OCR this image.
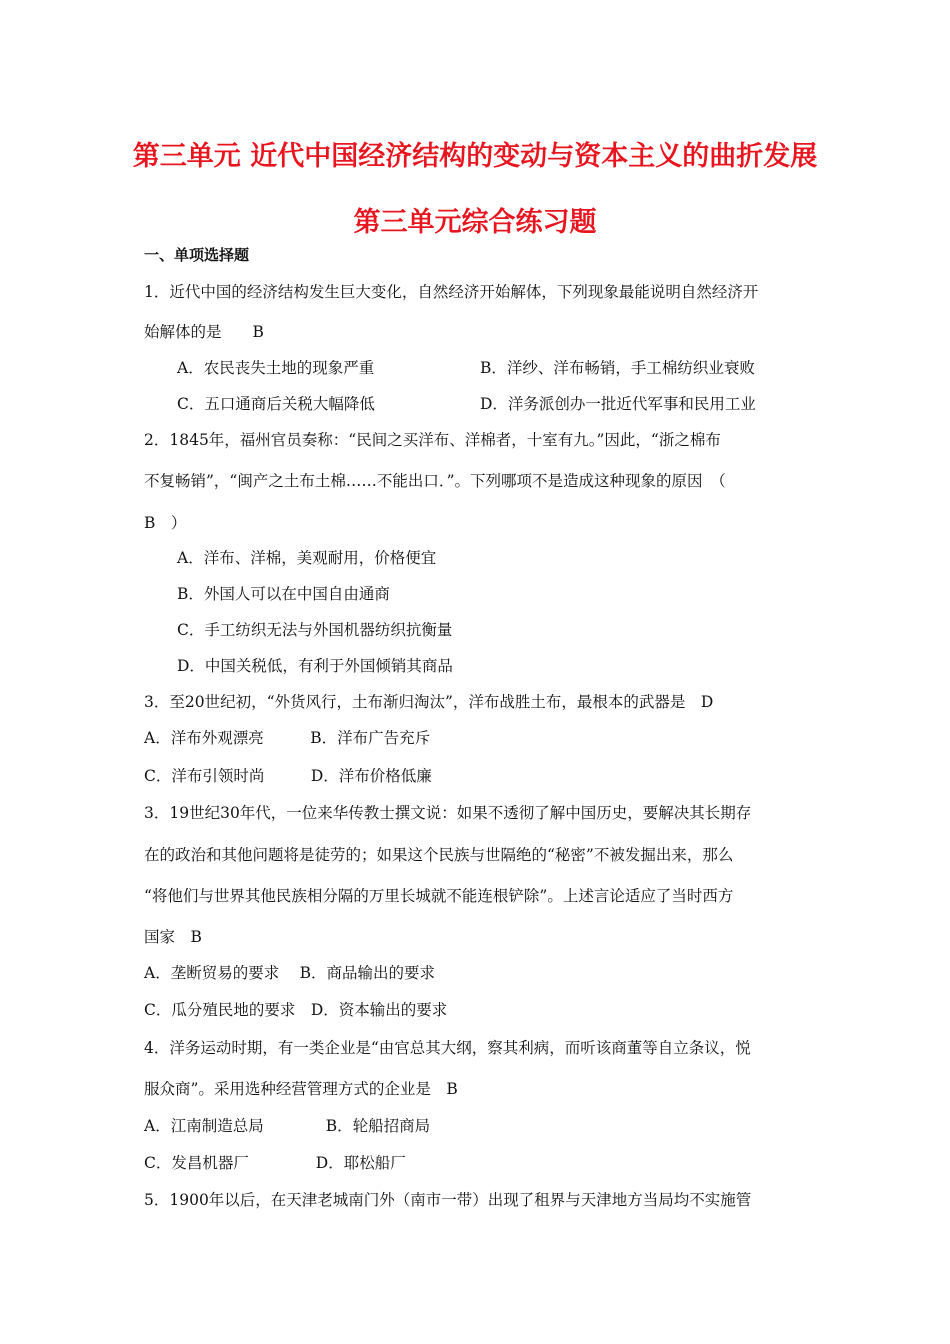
第三单元 近代中国经济结构的变动与资本主义的曲折发展
第三单元综合练习题
一、单项选择题
1．近代中国的经济结构发生巨大变化，自然经济开始解体，下列现象最能说明自然经济开
始解体的是　　B
A．农民丧失土地的现象严重	B．洋纱、洋布畅销，手工棉纺织业衰败
C．五口通商后关税大幅降低	D．洋务派创办一批近代军事和民用工业
2．1845年，福州官员奏称：“民间之买洋布、洋棉者，十室有九。”因此，“浙之棉布
不复畅销”，“闽产之土布土棉……不能出口．”。下列哪项不是造成这种现象的原因　（
B　）
A．洋布、洋棉，美观耐用，价格便宜
B．外国人可以在中国自由通商
C．手工纺织无法与外国机器纺织抗衡量
D．中国关税低，有利于外国倾销其商品
3．至20世纪初，“外货风行，土布渐归淘汰”，洋布战胜土布，最根本的武器是　D
A．洋布外观漂亮　　　B．洋布广告充斥
C．洋布引领时尚　　　D．洋布价格低廉
3．19世纪30年代，一位来华传教士撰文说：如果不透彻了解中国历史，要解决其长期存
在的政治和其他问题将是徒劳的；如果这个民族与世隔绝的“秘密”不被发掘出来，那么
“将他们与世界其他民族相分隔的万里长城就不能连根铲除”。上述言论适应了当时西方
国家　B
A．垄断贸易的要求　 B．商品输出的要求
C．瓜分殖民地的要求　D．资本输出的要求
4．洋务运动时期，有一类企业是“由官总其大纲，察其利病，而听该商董等自立条议，悦
服众商”。采用选种经营管理方式的企业是　B
A．江南制造总局　　　　B．轮船招商局
C．发昌机器厂　　　　 D．耶松船厂
5．1900年以后，在天津老城南门外（南市一带）出现了租界与天津地方当局均不实施管
